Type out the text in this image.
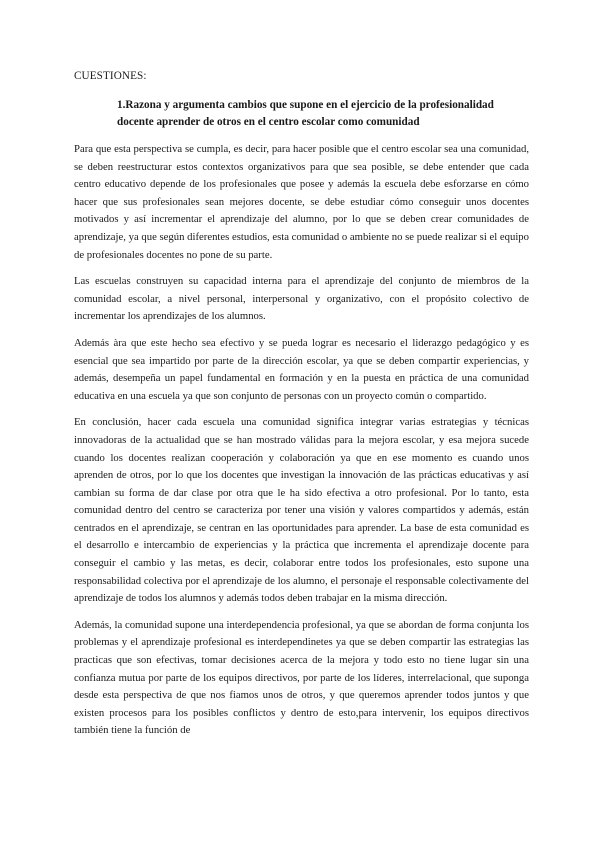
CUESTIONES:
1.Razona y argumenta cambios que supone en el ejercicio de la profesionalidad docente aprender de otros en el centro escolar como comunidad

Para que esta perspectiva se cumpla, es decir, para hacer posible que el centro escolar sea una comunidad, se deben reestructurar estos contextos organizativos para que sea posible, se debe entender que cada centro educativo depende de los profesionales que posee y además la escuela debe esforzarse en cómo hacer que sus profesionales sean mejores docente, se debe estudiar cómo conseguir unos docentes motivados y así incrementar el aprendizaje del alumno, por lo que se deben crear comunidades de aprendizaje, ya que según diferentes estudios, esta comunidad o ambiente no se puede realizar si el equipo de profesionales docentes no pone de su parte.

Las escuelas construyen su capacidad interna para el aprendizaje del conjunto de miembros de la comunidad escolar, a nivel personal, interpersonal y organizativo, con el propósito colectivo de incrementar los aprendizajes de los alumnos.

Además àra que este hecho sea efectivo y se pueda lograr es necesario el liderazgo pedagógico y es esencial que sea impartido por parte de la dirección escolar, ya que se deben compartir experiencias, y además, desempeña un papel fundamental en formación y en la puesta en práctica de una comunidad educativa en una escuela ya que son conjunto de personas con un proyecto común o compartido.

En conclusión, hacer cada escuela una comunidad significa integrar varias estrategias y técnicas innovadoras de la actualidad que se han mostrado válidas para la mejora escolar, y esa mejora sucede cuando los docentes realizan cooperación y colaboración ya que en ese momento es cuando unos aprenden de otros, por lo que los docentes que investigan la innovación de las prácticas educativas y así cambian su forma de dar clase por otra que le ha sido efectiva a otro profesional. Por lo tanto, esta comunidad dentro del centro se caracteriza por tener una visión y valores compartidos y además, están centrados en el aprendizaje, se centran en las oportunidades para aprender. La base de esta comunidad es el desarrollo e intercambio de experiencias y la práctica que incrementa el aprendizaje docente para conseguir el cambio y las metas, es decir, colaborar entre todos los profesionales, esto supone una responsabilidad colectiva por el aprendizaje de los alumno, el personaje el responsable colectivamente del aprendizaje de todos los alumnos y además todos deben trabajar en la misma dirección.

Además, la comunidad supone una interdependencia profesional, ya que se abordan de forma conjunta los problemas y el aprendizaje profesional es interdependinetes ya que se deben compartir las estrategias las practicas que son efectivas, tomar decisiones acerca de la mejora y todo esto no tiene lugar sin una confianza mutua por parte de los equipos directivos, por parte de los líderes, interrelacional, que suponga desde esta perspectiva de que nos fiamos unos de otros, y que queremos aprender todos juntos y que existen procesos para los posibles conflictos y dentro de esto,para intervenir, los equipos directivos también tiene la función de
